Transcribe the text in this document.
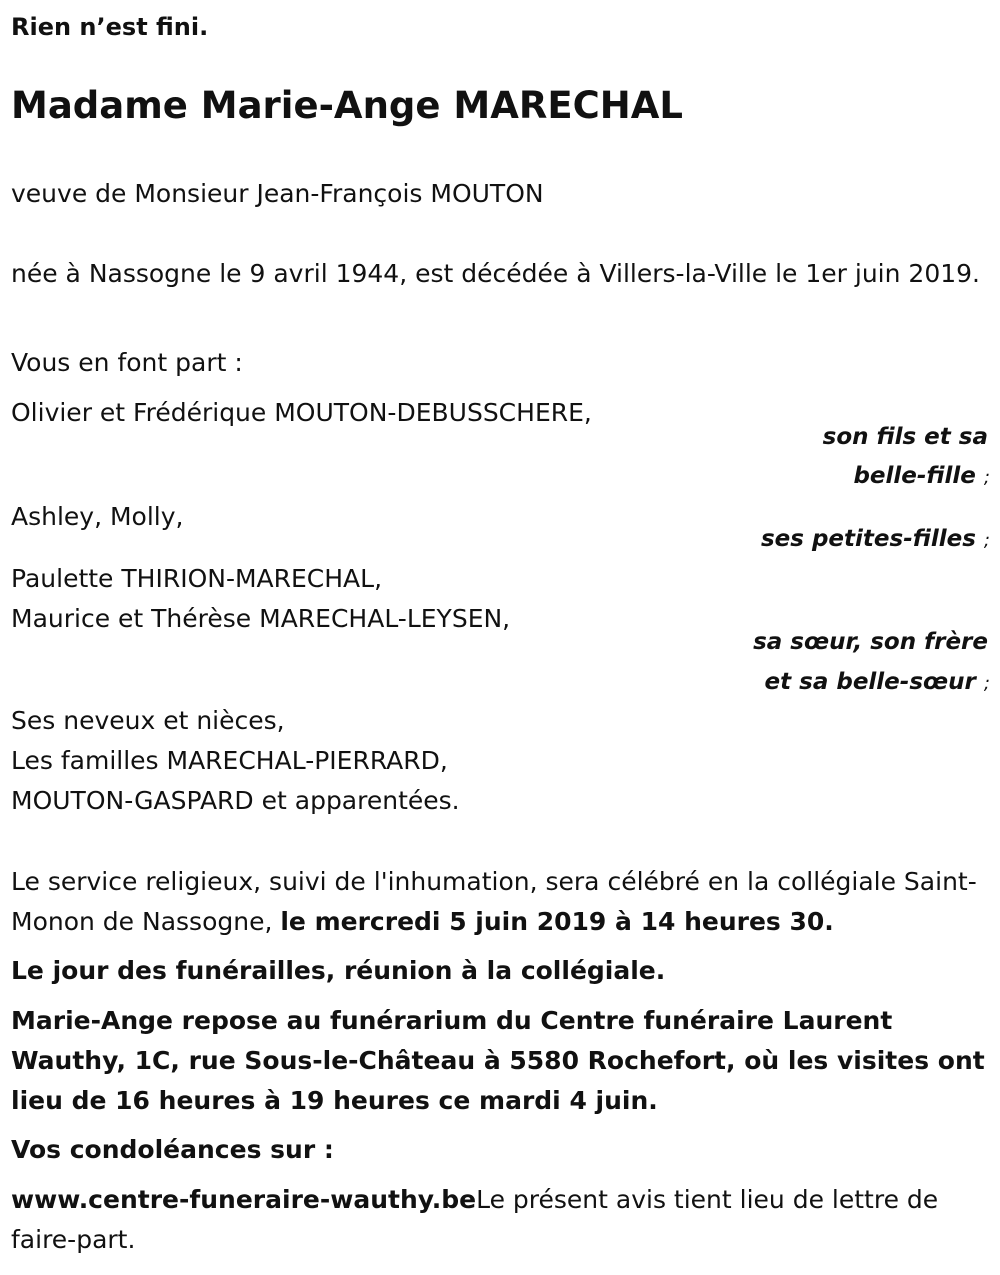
Rien n’est fini.
Madame Marie-Ange MARECHAL
veuve de Monsieur Jean-François MOUTON
née à Nassogne le 9 avril 1944, est décédée à Villers-la-Ville le 1er juin 2019.
Vous en font part :
Olivier et Frédérique MOUTON-DEBUSSCHERE,
son fils et sa
belle-fille ;
Ashley, Molly,
ses petites-filles ;
Paulette THIRION-MARECHAL,
Maurice et Thérèse MARECHAL-LEYSEN,
sa sœur, son frère
et sa belle-sœur ;
Ses neveux et nièces,
Les familles MARECHAL-PIERRARD,
MOUTON-GASPARD et apparentées.
Le service religieux, suivi de l'inhumation, sera célébré en la collégiale Saint-Monon de Nassogne, le mercredi 5 juin 2019 à 14 heures 30.
Le jour des funérailles, réunion à la collégiale.
Marie-Ange repose au funérarium du Centre funéraire Laurent Wauthy, 1C, rue Sous-le-Château à 5580 Rochefort, où les visites ont lieu de 16 heures à 19 heures ce mardi 4 juin.
Vos condoléances sur :
www.centre-funeraire-wauthy.beLe présent avis tient lieu de lettre de faire-part.
